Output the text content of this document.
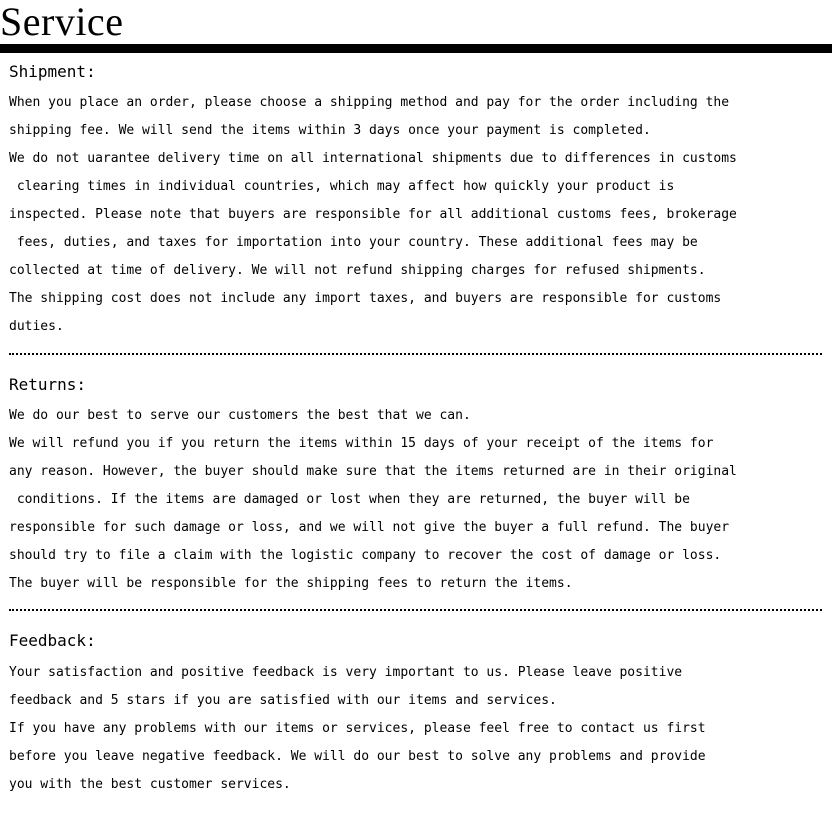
Service
Shipment:
When you place an order, please choose a shipping method and pay for the order including the
shipping fee. We will send the items within 3 days once your payment is completed.
We do not uarantee delivery time on all international shipments due to differences in customs
clearing times in individual countries, which may affect how quickly your product is
inspected. Please note that buyers are responsible for all additional customs fees, brokerage
fees, duties, and taxes for importation into your country. These additional fees may be
collected at time of delivery. We will not refund shipping charges for refused shipments.
The shipping cost does not include any import taxes, and buyers are responsible for customs
duties.
Returns:
We do our best to serve our customers the best that we can.
We will refund you if you return the items within 15 days of your receipt of the items for
any reason. However, the buyer should make sure that the items returned are in their original
conditions. If the items are damaged or lost when they are returned, the buyer will be
responsible for such damage or loss, and we will not give the buyer a full refund. The buyer
should try to file a claim with the logistic company to recover the cost of damage or loss.
The buyer will be responsible for the shipping fees to return the items.
Feedback:
Your satisfaction and positive feedback is very important to us. Please leave positive
feedback and 5 stars if you are satisfied with our items and services.
If you have any problems with our items or services, please feel free to contact us first
before you leave negative feedback. We will do our best to solve any problems and provide
you with the best customer services.
